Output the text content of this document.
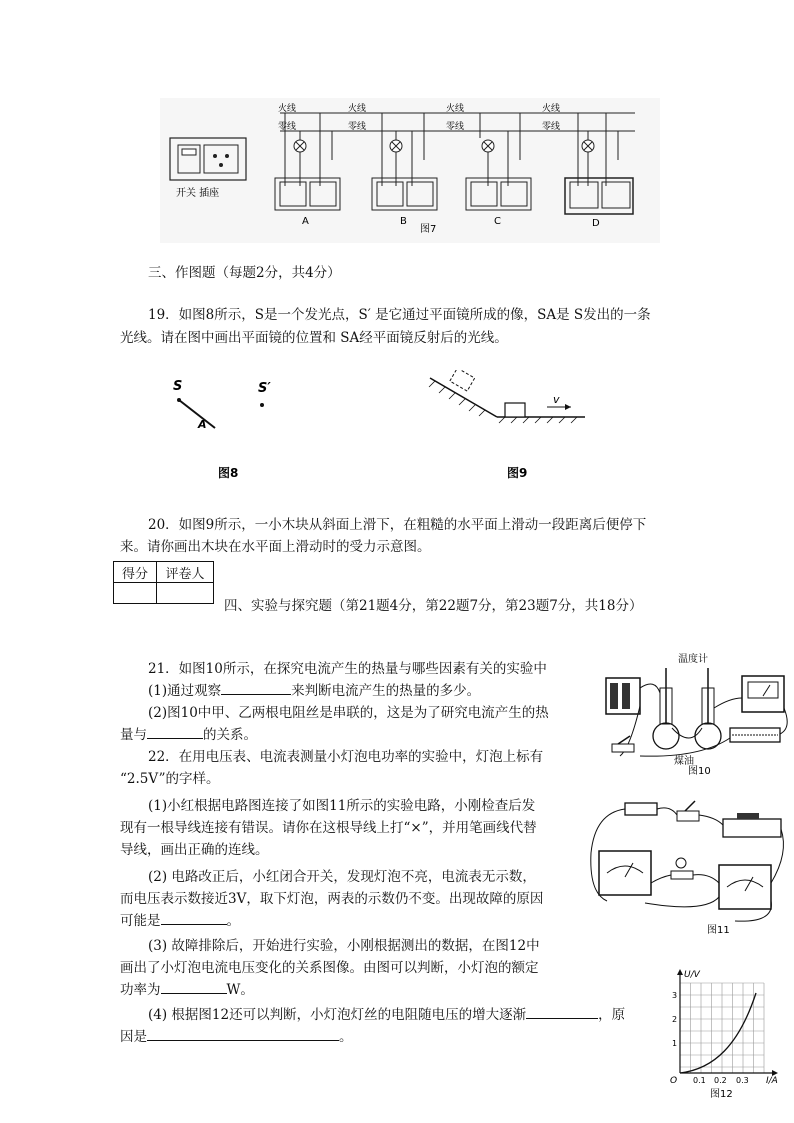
火线
零线
火线
零线
火线
零线
火线
零线
开关 插座
A	B	C	D
图7
三、作图题（每题2分，共4分）
19．如图8所示，S是一个发光点，S′ 是它通过平面镜所成的像，SA是 S发出的一条
光线。请在图中画出平面镜的位置和 SA经平面镜反射后的光线。
S
A
S′
图8
v
图9
20．如图9所示，一小木块从斜面上滑下，在粗糙的水平面上滑动一段距离后便停下
来。请你画出木块在水平面上滑动时的受力示意图。
得分	评卷人

四、实验与探究题（第21题4分，第22题7分，第23题7分，共18分）
21．如图10所示，在探究电流产生的热量与哪些因素有关的实验中
(1)通过观察	来判断电流产生的热量的多少。
(2)图10中甲、乙两根电阻丝是串联的，这是为了研究电流产生的热
量与	的关系。
22．在用电压表、电流表测量小灯泡电功率的实验中，灯泡上标有
“2.5V”的字样。
(1)小红根据电路图连接了如图11所示的实验电路，小刚检查后发
现有一根导线连接有错误。请你在这根导线上打“×”，并用笔画线代替
导线，画出正确的连线。
(2) 电路改正后，小红闭合开关，发现灯泡不亮，电流表无示数，
而电压表示数接近3V，取下灯泡，两表的示数仍不变。出现故障的原因
可能是	。
(3) 故障排除后，开始进行实验，小刚根据测出的数据，在图12中
画出了小灯泡电流电压变化的关系图像。由图可以判断，小灯泡的额定
功率为	W。
(4) 根据图12还可以判断，小灯泡灯丝的电阻随电压的增大逐渐	，原
因是	。
温度计
煤油
图10
图11
U/V
I/A
O
1
2
3
0.1 0.2 0.3
图12
